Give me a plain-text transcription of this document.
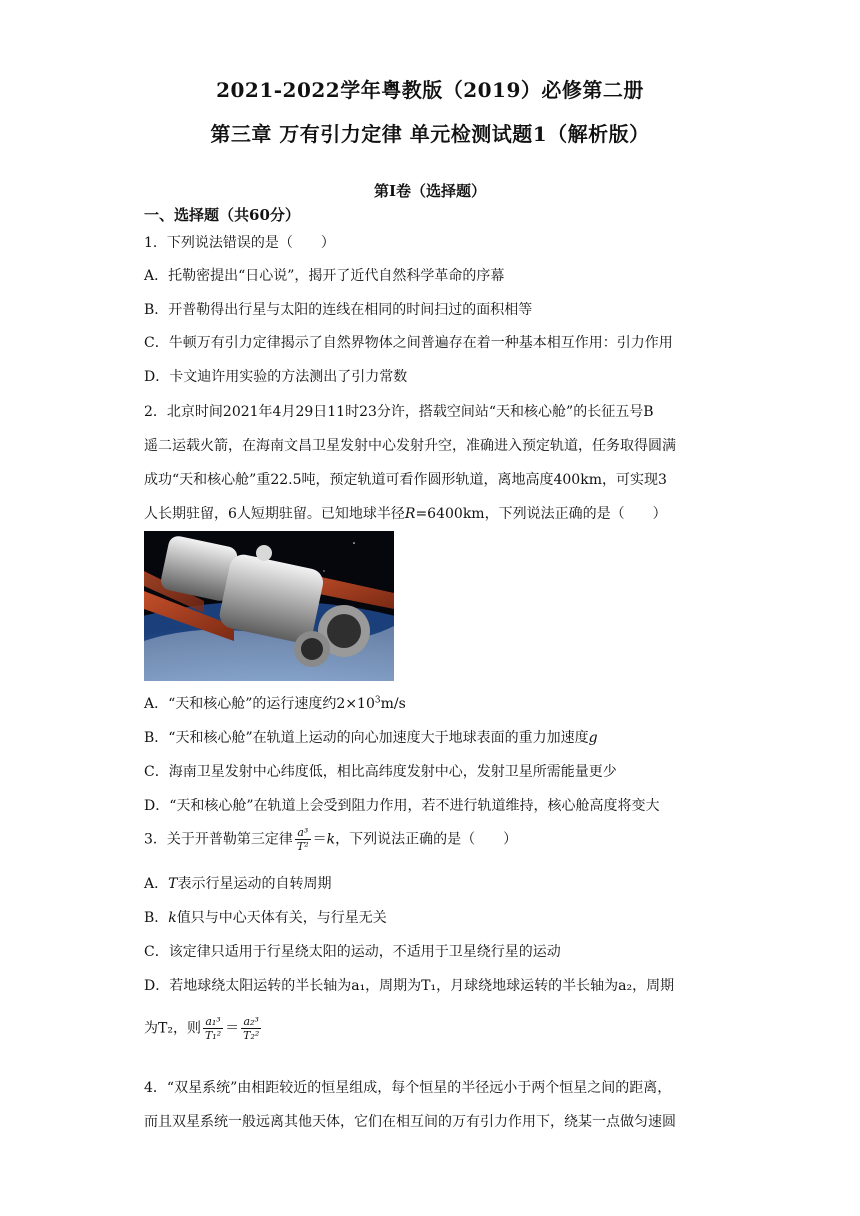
2021-2022学年粤教版（2019）必修第二册
第三章 万有引力定律 单元检测试题1（解析版）
第Ⅰ卷（选择题）
一、选择题（共60分）
1．下列说法错误的是（　　）
A．托勒密提出“日心说”，揭开了近代自然科学革命的序幕
B．开普勒得出行星与太阳的连线在相同的时间扫过的面积相等
C．牛顿万有引力定律揭示了自然界物体之间普遍存在着一种基本相互作用：引力作用
D．卡文迪许用实验的方法测出了引力常数
2．北京时间2021年4月29日11时23分许，搭载空间站“天和核心舱”的长征五号B
遥二运载火箭，在海南文昌卫星发射中心发射升空，准确进入预定轨道，任务取得圆满
成功“天和核心舱”重22.5吨，预定轨道可看作圆形轨道，离地高度400km，可实现3
人长期驻留，6人短期驻留。已知地球半径R=6400km，下列说法正确的是（　　）
A．“天和核心舱”的运行速度约$2\times 10^3m/s$
B．“天和核心舱”在轨道上运动的向心加速度大于地球表面的重力加速度g
C．海南卫星发射中心纬度低，相比高纬度发射中心，发射卫星所需能量更少
D．“天和核心舱”在轨道上会受到阻力作用，若不进行轨道维持，核心舱高度将变大
3．关于开普勒第三定律 $\frac{\text{a³}}{\text{T²}} =k$，下列说法正确的是（　　）
A．T表示行星运动的自转周期
B．k值只与中心天体有关，与行星无关
C．该定律只适用于行星绕太阳的运动，不适用于卫星绕行星的运动
D．若地球绕太阳运转的半长轴为a₁，周期为T₁，月球绕地球运转的半长轴为a₂，周期
为T₂，则 $\frac{\text{a₁³}}{\text{T₁²}} = \frac{\text{a₂³}}{\text{T₂²}}$
4．“双星系统”由相距较近的恒星组成，每个恒星的半径远小于两个恒星之间的距离，
而且双星系统一般远离其他天体，它们在相互间的万有引力作用下，绕某一点做匀速圆
